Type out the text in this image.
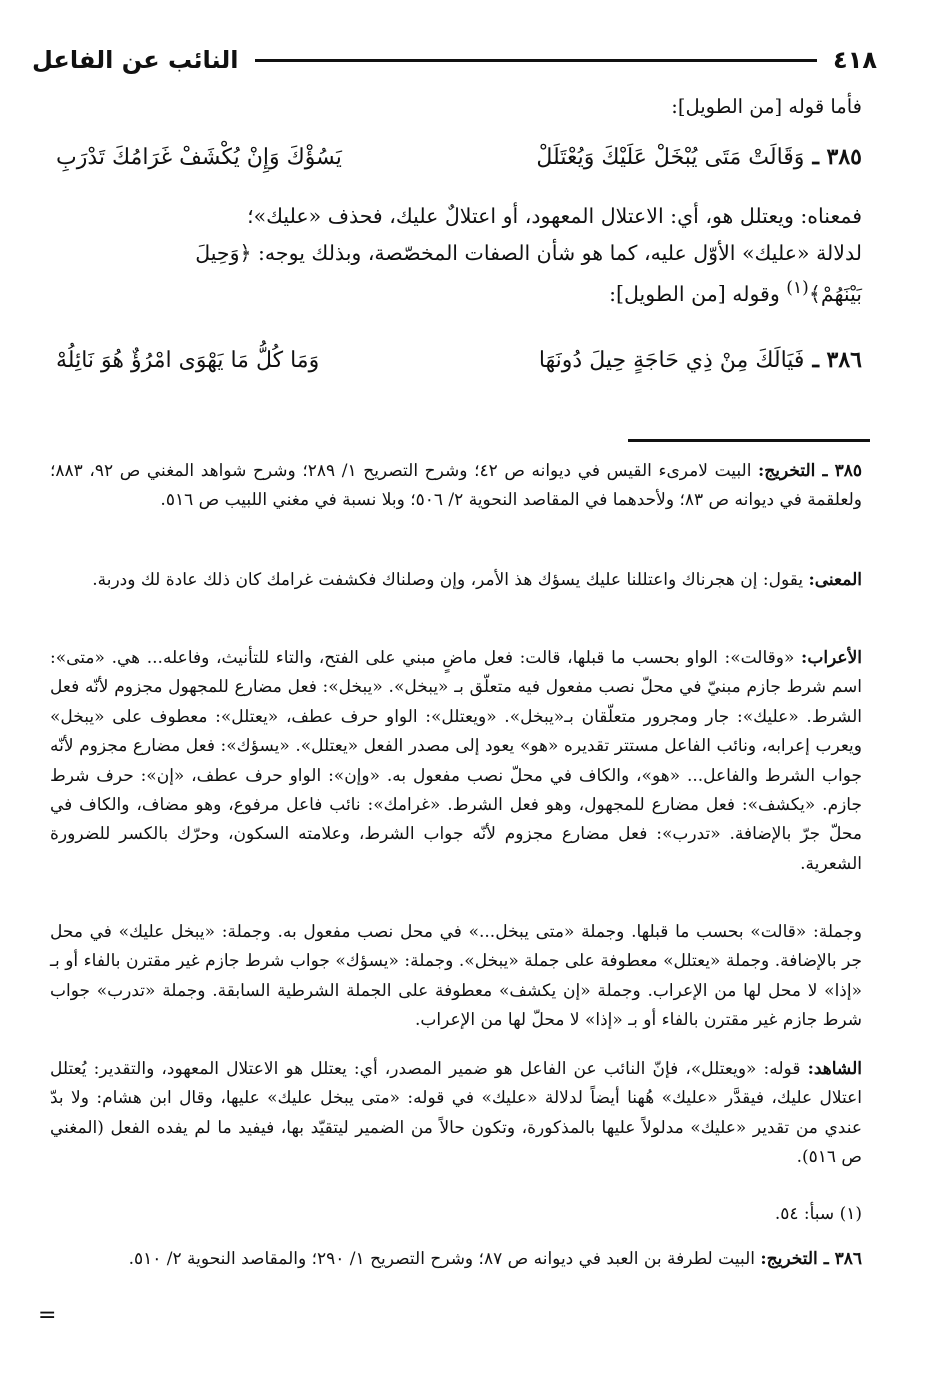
٤١٨
النائب عن الفاعل
فأما قوله [من الطويل]:
٣٨٥ ـ
وَقَالَتْ مَتَى يُبْخَلْ عَلَيْكَ وَيُعْتَلَلْ
يَسُؤْكَ وَإِنْ يُكْشَفْ غَرَامُكَ تَدْرَبِ
فمعناه: ويعتلل هو، أي: الاعتلال المعهود، أو اعتلالٌ عليك، فحذف «عليك»؛
لدلالة «عليك» الأوّل عليه، كما هو شأن الصفات المخصّصة، وبذلك يوجه: ﴿وَحِيلَ
بَيْنَهُمْ﴾$^{(١)}$ وقوله [من الطويل]:
٣٨٦ ـ
فَيَالَكَ مِنْ ذِي حَاجَةٍ حِيلَ دُونَهَا
وَمَا كُلُّ مَا يَهْوَى امْرُؤٌ هُوَ نَائِلُهْ
٣٨٥ ـ التخريج: البيت لامرىء القيس في ديوانه ص ٤٢؛ وشرح التصريح ١/ ٢٨٩؛ وشرح شواهد المغني ص ٩٢، ٨٨٣؛ ولعلقمة في ديوانه ص ٨٣؛ ولأحدهما في المقاصد النحوية ٢/ ٥٠٦؛ وبلا نسبة في مغني اللبيب ص ٥١٦.
المعنى: يقول: إن هجرناك واعتللنا عليك يسؤك هذ الأمر، وإن وصلناك فكشفت غرامك كان ذلك عادة لك ودربة.
الأعراب: «وقالت»: الواو بحسب ما قبلها، قالت: فعل ماضٍ مبني على الفتح، والتاء للتأنيث، وفاعله... هي. «متى»: اسم شرط جازم مبنيّ في محلّ نصب مفعول فيه متعلّق بـ «يبخل». «يبخل»: فعل مضارع للمجهول مجزوم لأنّه فعل الشرط. «عليك»: جار ومجرور متعلّقان بـ«يبخل». «ويعتلل»: الواو حرف عطف، «يعتلل»: معطوف على «يبخل» ويعرب إعرابه، ونائب الفاعل مستتر تقديره «هو» يعود إلى مصدر الفعل «يعتلل». «يسؤك»: فعل مضارع مجزوم لأنّه جواب الشرط والفاعل... «هو»، والكاف في محلّ نصب مفعول به. «وإن»: الواو حرف عطف، «إن»: حرف شرط جازم. «يكشف»: فعل مضارع للمجهول، وهو فعل الشرط. «غرامك»: نائب فاعل مرفوع، وهو مضاف، والكاف في محلّ جرّ بالإضافة. «تدرب»: فعل مضارع مجزوم لأنّه جواب الشرط، وعلامته السكون، وحرّك بالكسر للضرورة الشعرية.
وجملة: «قالت» بحسب ما قبلها. وجملة «متى يبخل...» في محل نصب مفعول به. وجملة: «يبخل عليك» في محل جر بالإضافة. وجملة «يعتلل» معطوفة على جملة «يبخل». وجملة: «يسؤك» جواب شرط جازم غير مقترن بالفاء أو بـ «إذا» لا محل لها من الإعراب. وجملة «إن يكشف» معطوفة على الجملة الشرطية السابقة. وجملة «تدرب» جواب شرط جازم غير مقترن بالفاء أو بـ «إذا» لا محلّ لها من الإعراب.
الشاهد: قوله: «ويعتلل»، فإنّ النائب عن الفاعل هو ضمير المصدر، أي: يعتلل هو الاعتلال المعهود، والتقدير: يُعتلل اعتلال عليك، فيقدَّر «عليك» هُهنا أيضاً لدلالة «عليك» في قوله: «متى يبخل عليك» عليها، وقال ابن هشام: ولا بدّ عندي من تقدير «عليك» مدلولاً عليها بالمذكورة، وتكون حالاً من الضمير ليتقيّد بها، فيفيد ما لم يفده الفعل (المغني ص ٥١٦).
(١) سبأ: ٥٤.
٣٨٦ ـ التخريج: البيت لطرفة بن العبد في ديوانه ص ٨٧؛ وشرح التصريح ١/ ٢٩٠؛ والمقاصد النحوية ٢/ ٥١٠.
=
